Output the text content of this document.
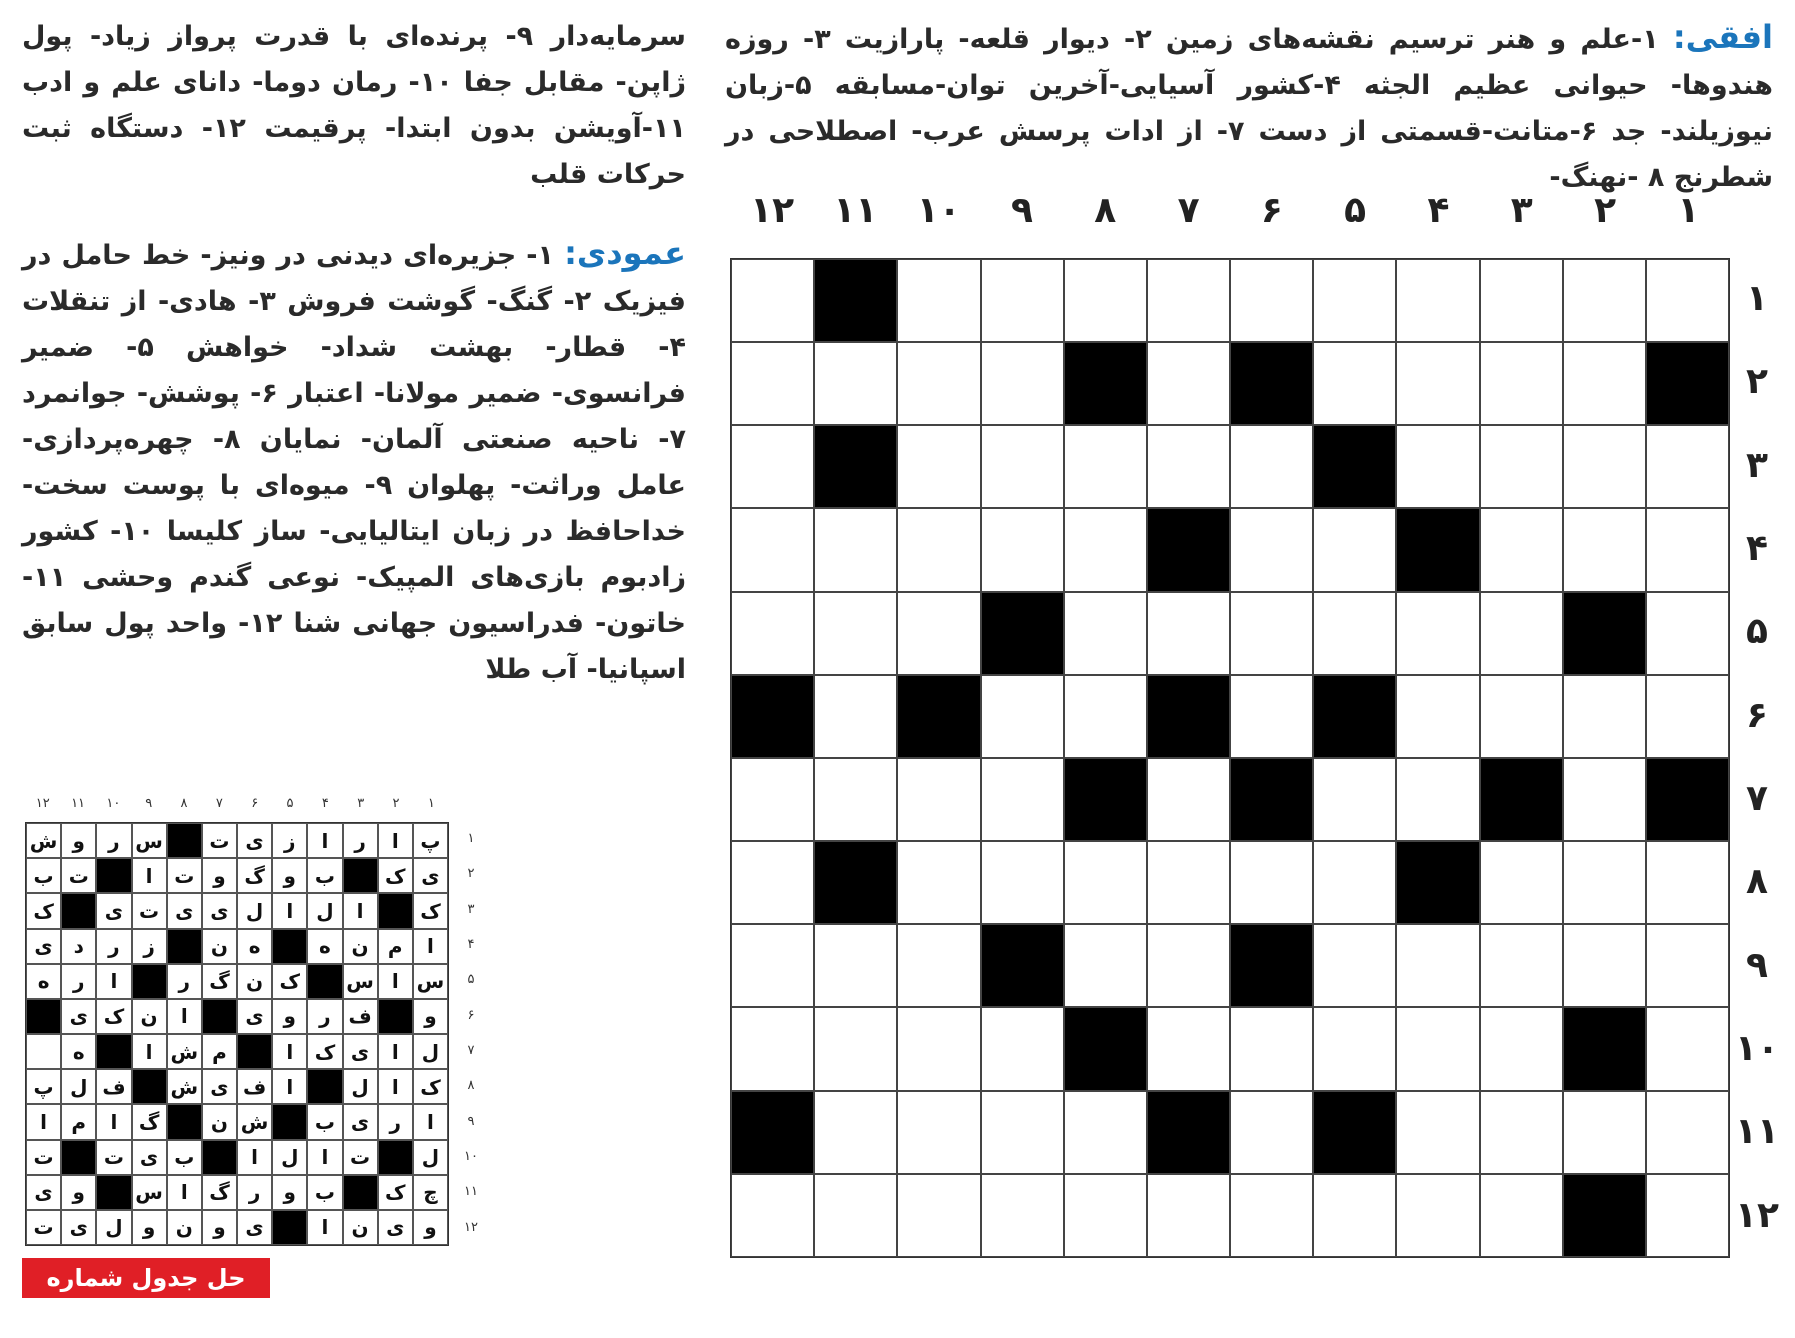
افقی: ۱-علم و هنر ترسیم نقشه‌های زمین ۲- دیوار قلعه- پارازیت ۳- روزه هندوها- حیوانی عظیم الجثه ۴-کشور آسیایی-آخرین توان-مسابقه ۵-زبان نیوزیلند- جد ۶-متانت-قسمتی از دست ۷- از ادات پرسش عرب- اصطلاحی در شطرنج ۸ -نهنگ-
سرمایه‌دار ۹- پرنده‌ای با قدرت پرواز زیاد- پول ژاپن- مقابل جفا ۱۰- رمان دوما- دانای علم و ادب ۱۱-آویشن بدون ابتدا- پرقیمت ۱۲- دستگاه ثبت حرکات قلب
عمودی: ۱- جزیره‌ای دیدنی در ونیز- خط حامل در فیزیک ۲- گنگ- گوشت فروش ۳- هادی- از تنقلات ۴- قطار- بهشت شداد- خواهش ۵- ضمیر فرانسوی- ضمیر مولانا- اعتبار ۶- پوشش- جوانمرد ۷- ناحیه صنعتی آلمان- نمایان ۸- چهره‌پردازی- عامل وراثت- پهلوان ۹- میوه‌ای با پوست سخت- خداحافظ در زبان ایتالیایی- ساز کلیسا ۱۰- کشور زادبوم بازی‌های المپیک- نوعی گندم وحشی ۱۱- خاتون- فدراسیون جهانی شنا ۱۲- واحد پول سابق اسپانیا- آب طلا
۱
۲
۳
۴
۵
۶
۷
۸
۹
۱۰
۱۱
۱۲
۱
۲
۳
۴
۵
۶
۷
۸
۹
۱۰
۱۱
۱۲
۱
۲
۳
۴
۵
۶
۷
۸
۹
۱۰
۱۱
۱۲
۱
۲
۳
۴
۵
۶
۷
۸
۹
۱۰
۱۱
۱۲
پ
ا
ر
ا
ز
ی
ت
س
ر
و
ش
ی
ک
ب
و
گ
و
ت
ا
ت
ب
ک
ا
ل
ا
ل
ی
ی
ت
ی
ک
ا
م
ن
ه
ه
ن
ز
ر
د
ی
س
ا
س
ک
ن
گ
ر
ا
ر
ه
و
ف
ر
و
ی
ا
ن
ک
ی
ل
ا
ی
ک
ا
م
ش
ا
ه
ک
ا
ل
ا
ف
ی
ش
ف
ل
پ
ا
ر
ی
ب
ش
ن
گ
ا
م
ا
ل
ت
ا
ل
ا
ب
ی
ت
ت
چ
ک
ب
و
ر
گ
ا
س
و
ی
و
ی
ن
ا
ی
و
ن
و
ل
ی
ت
حل جدول شماره ۱۸۴۷
